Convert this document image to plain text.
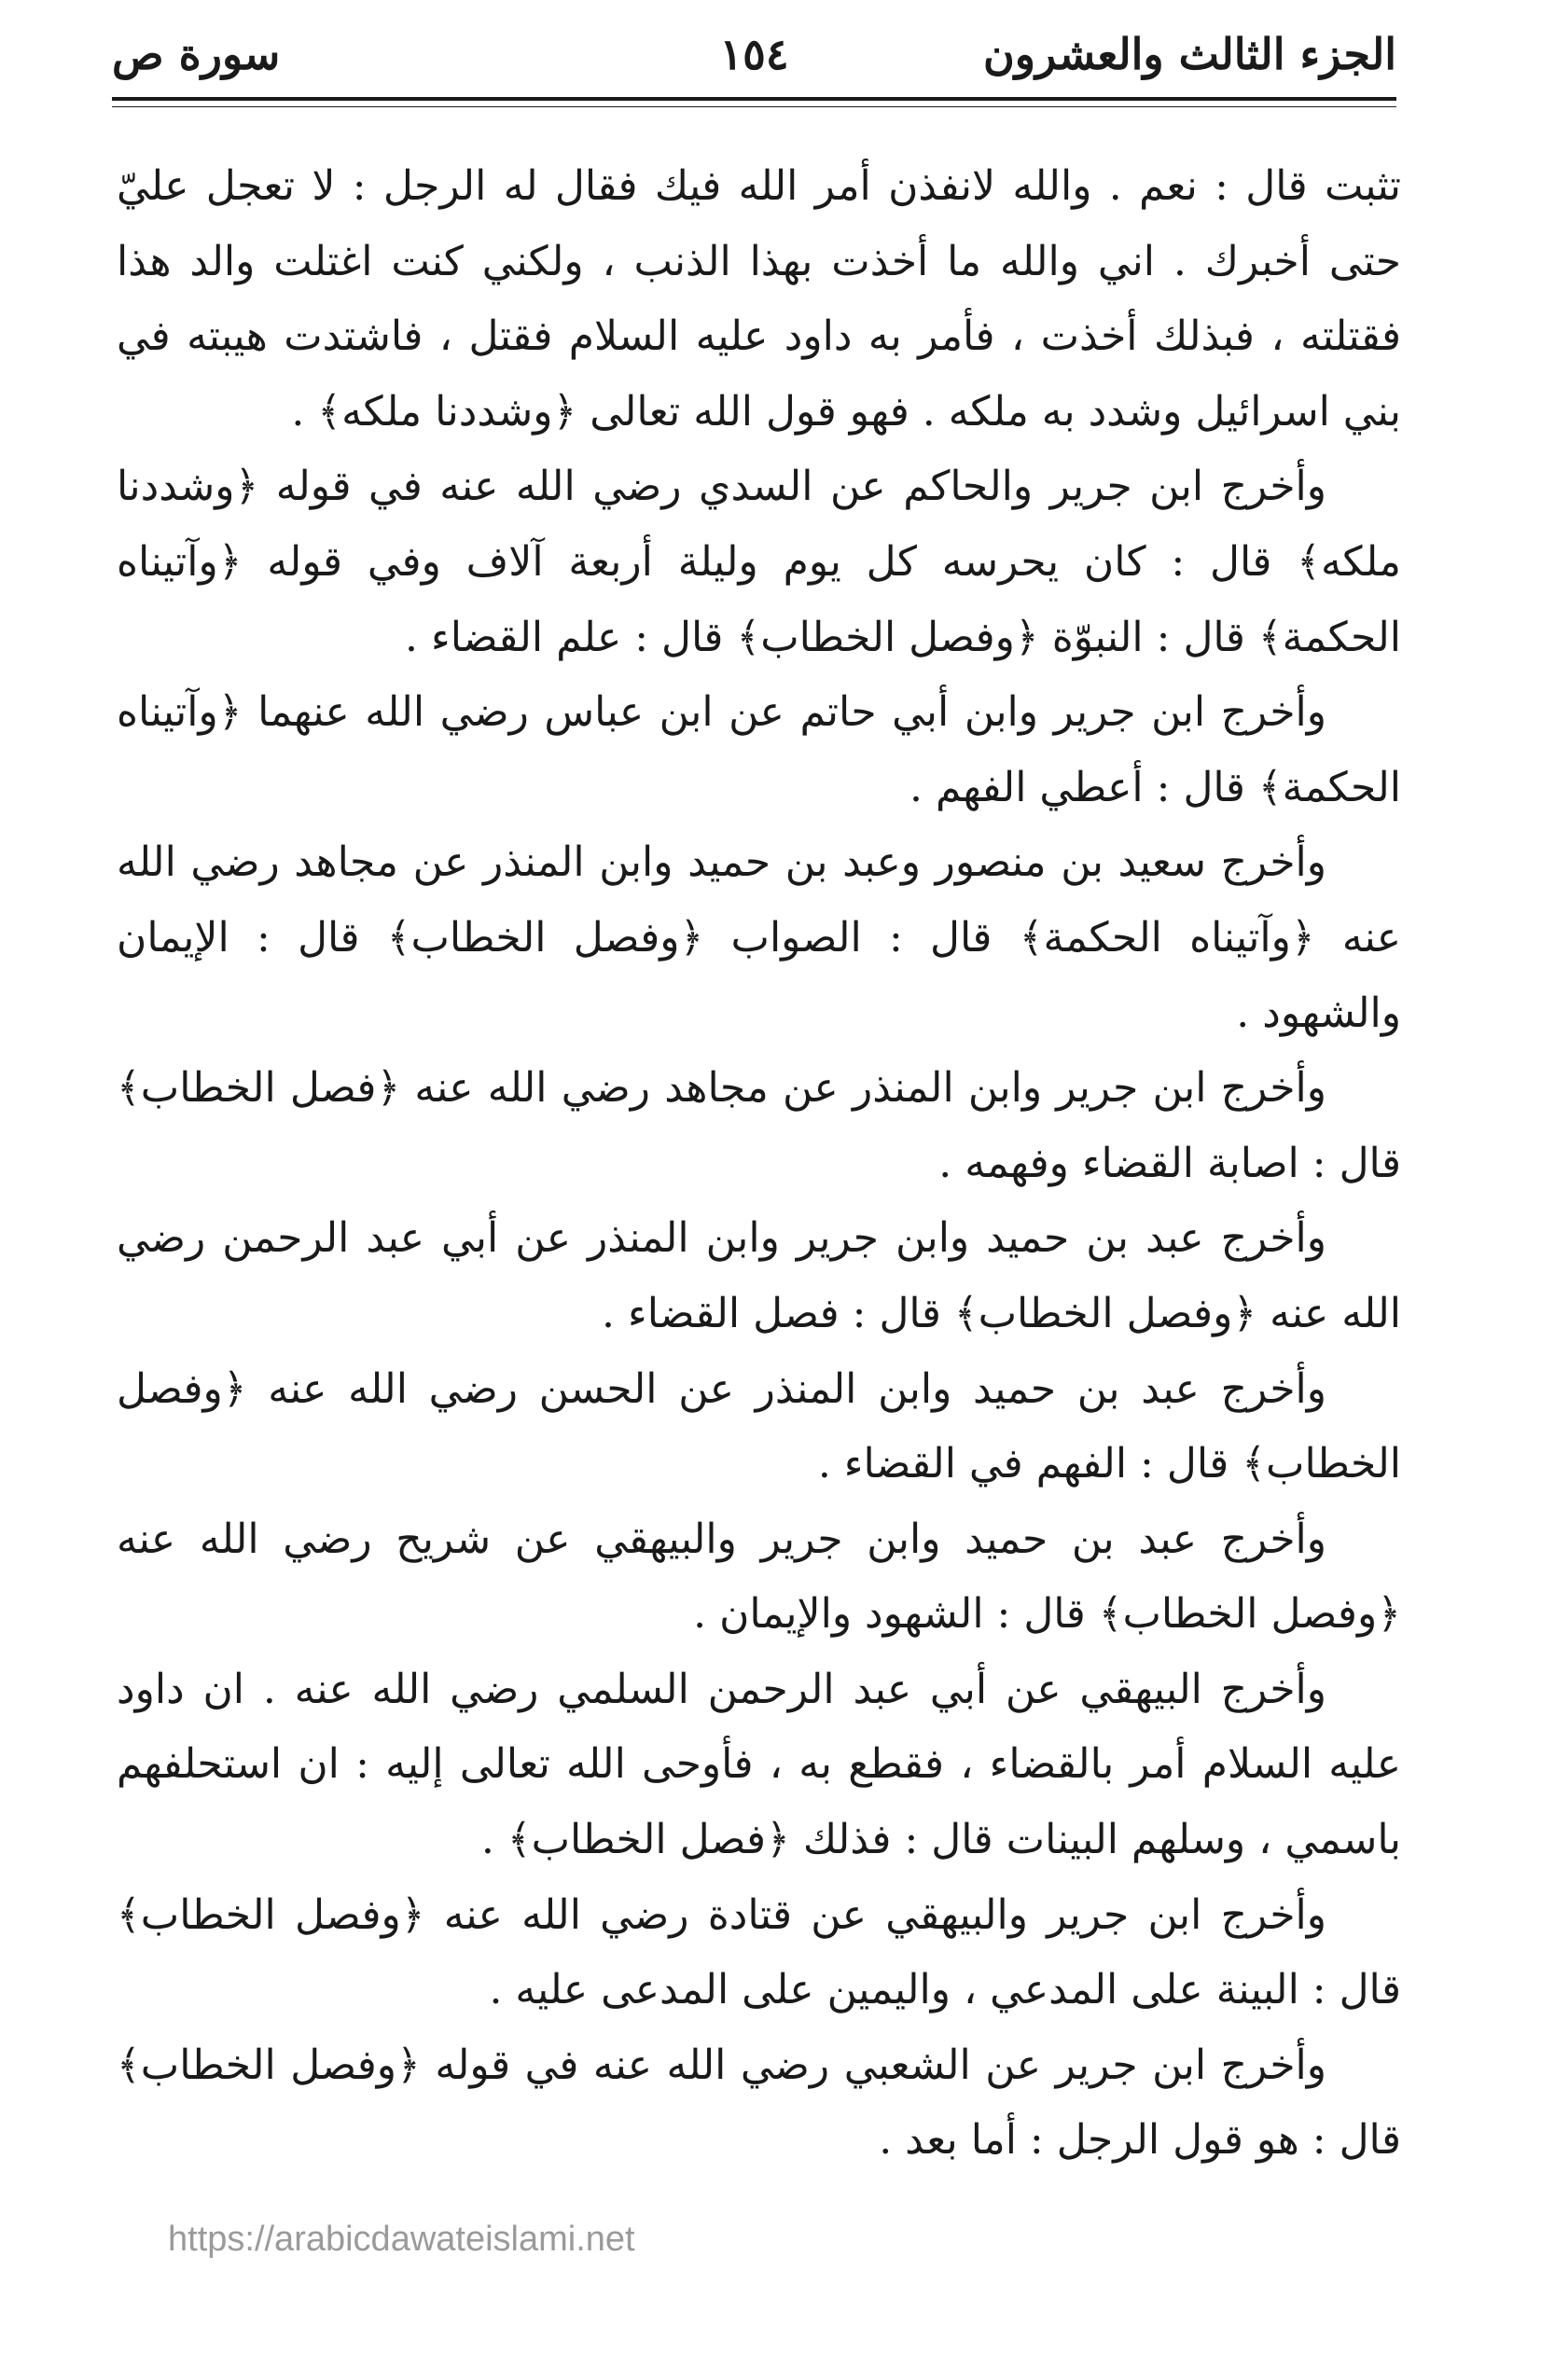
الجزء الثالث والعشرون
١٥٤
سورة ص

تثبت قال : نعم . والله لانفذن أمر الله فيك فقال له الرجل : لا تعجل عليّ حتى أخبرك . اني والله ما أخذت بهذا الذنب ، ولكني كنت اغتلت والد هذا فقتلته ، فبذلك أخذت ، فأمر به داود عليه السلام فقتل ، فاشتدت هيبته في بني اسرائيل وشدد به ملكه . فهو قول الله تعالى ﴿وشددنا ملكه﴾ .

وأخرج ابن جرير والحاكم عن السدي رضي الله عنه في قوله ﴿وشددنا ملكه﴾ قال : كان يحرسه كل يوم وليلة أربعة آلاف وفي قوله ﴿وآتيناه الحكمة﴾ قال : النبوّة ﴿وفصل الخطاب﴾ قال : علم القضاء .

وأخرج ابن جرير وابن أبي حاتم عن ابن عباس رضي الله عنهما ﴿وآتيناه الحكمة﴾ قال : أعطي الفهم .

وأخرج سعيد بن منصور وعبد بن حميد وابن المنذر عن مجاهد رضي الله عنه ﴿وآتيناه الحكمة﴾ قال : الصواب ﴿وفصل الخطاب﴾ قال : الإيمان والشهود .

وأخرج ابن جرير وابن المنذر عن مجاهد رضي الله عنه ﴿فصل الخطاب﴾ قال : اصابة القضاء وفهمه .

وأخرج عبد بن حميد وابن جرير وابن المنذر عن أبي عبد الرحمن رضي الله عنه ﴿وفصل الخطاب﴾ قال : فصل القضاء .

وأخرج عبد بن حميد وابن المنذر عن الحسن رضي الله عنه ﴿وفصل الخطاب﴾ قال : الفهم في القضاء .

وأخرج عبد بن حميد وابن جرير والبيهقي عن شريح رضي الله عنه ﴿وفصل الخطاب﴾ قال : الشهود والإيمان .

وأخرج البيهقي عن أبي عبد الرحمن السلمي رضي الله عنه . ان داود عليه السلام أمر بالقضاء ، فقطع به ، فأوحى الله تعالى إليه : ان استحلفهم باسمي ، وسلهم البينات قال : فذلك ﴿فصل الخطاب﴾ .

وأخرج ابن جرير والبيهقي عن قتادة رضي الله عنه ﴿وفصل الخطاب﴾ قال : البينة على المدعي ، واليمين على المدعى عليه .

وأخرج ابن جرير عن الشعبي رضي الله عنه في قوله ﴿وفصل الخطاب﴾ قال : هو قول الرجل : أما بعد .

https://arabicdawateislami.net
